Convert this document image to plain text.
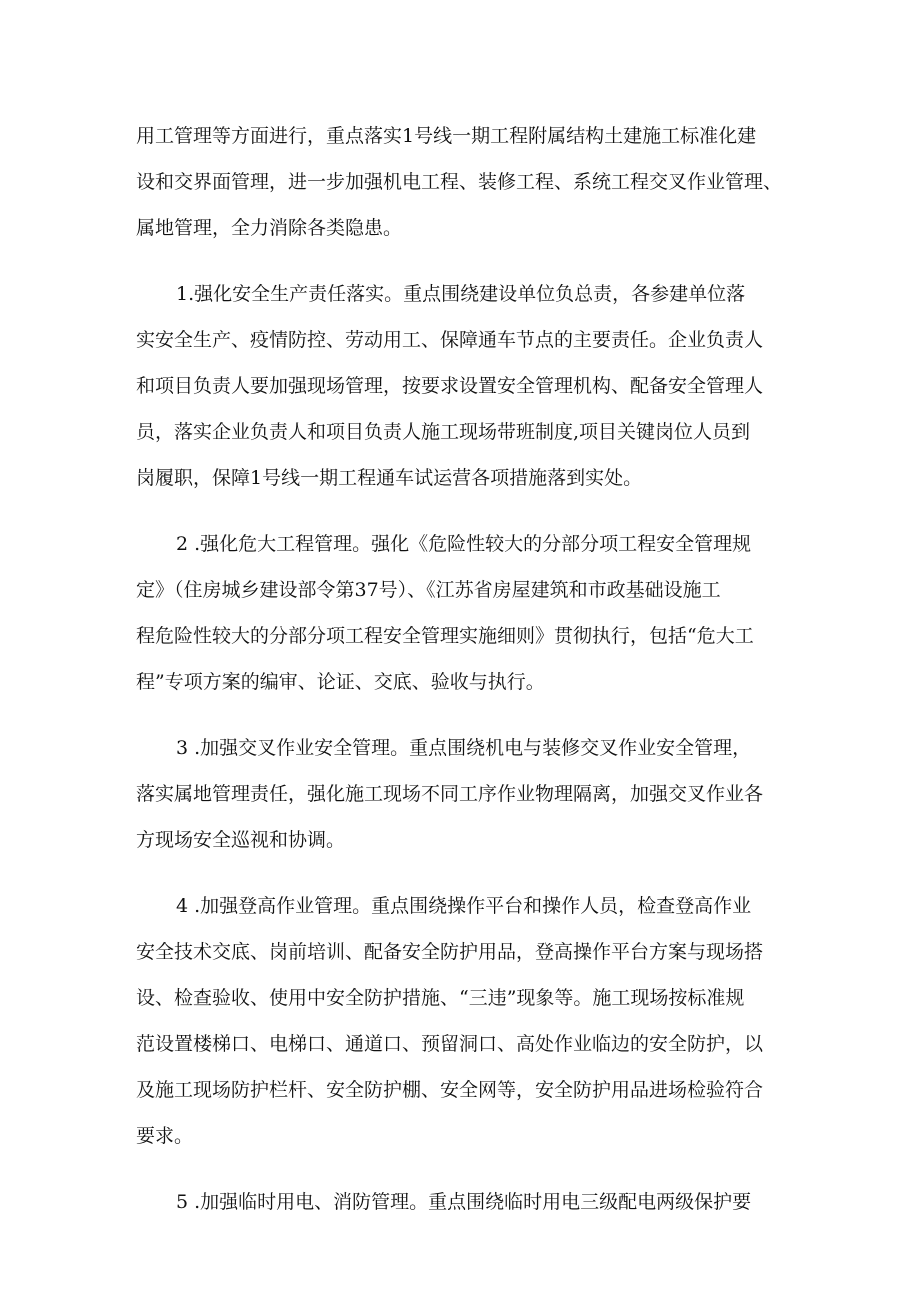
用工管理等方面进行，重点落实1号线一期工程附属结构土建施工标准化建
设和交界面管理，进一步加强机电工程、装修工程、系统工程交叉作业管理、
属地管理，全力消除各类隐患。

1.强化安全生产责任落实。重点围绕建设单位负总责，各参建单位落
实安全生产、疫情防控、劳动用工、保障通车节点的主要责任。企业负责人
和项目负责人要加强现场管理，按要求设置安全管理机构、配备安全管理人
员，落实企业负责人和项目负责人施工现场带班制度,项目关键岗位人员到
岗履职，保障1号线一期工程通车试运营各项措施落到实处。

2 .强化危大工程管理。强化《危险性较大的分部分项工程安全管理规
定》（住房城乡建设部令第37号）、《江苏省房屋建筑和市政基础设施工
程危险性较大的分部分项工程安全管理实施细则》贯彻执行，包括“危大工
程”专项方案的编审、论证、交底、验收与执行。

3 .加强交叉作业安全管理。重点围绕机电与装修交叉作业安全管理，
落实属地管理责任，强化施工现场不同工序作业物理隔离，加强交叉作业各
方现场安全巡视和协调。

4 .加强登高作业管理。重点围绕操作平台和操作人员，检查登高作业
安全技术交底、岗前培训、配备安全防护用品，登高操作平台方案与现场搭
设、检查验收、使用中安全防护措施、“三违”现象等。施工现场按标准规
范设置楼梯口、电梯口、通道口、预留洞口、高处作业临边的安全防护，以
及施工现场防护栏杆、安全防护棚、安全网等，安全防护用品进场检验符合
要求。

5 .加强临时用电、消防管理。重点围绕临时用电三级配电两级保护要
